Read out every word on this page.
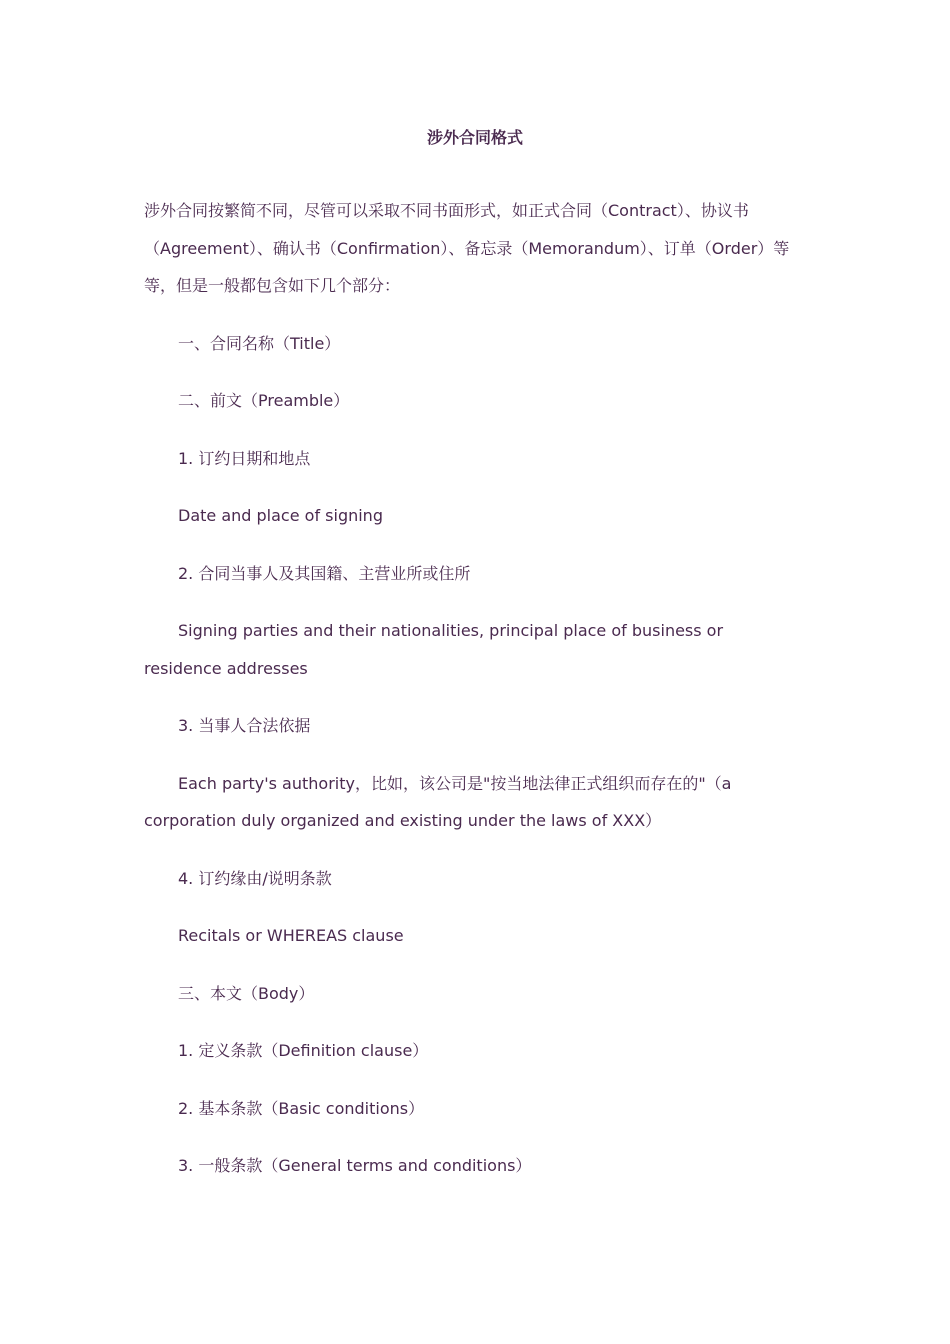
涉外合同格式

涉外合同按繁简不同，尽管可以采取不同书面形式，如正式合同（Contract）、协议书（Agreement）、确认书（Confirmation）、备忘录（Memorandum）、订单（Order）等等，但是一般都包含如下几个部分：

一、合同名称（Title）

二、前文（Preamble）

1. 订约日期和地点

Date and place of signing

2. 合同当事人及其国籍、主营业所或住所

Signing parties and their nationalities, principal place of business or residence addresses

3. 当事人合法依据

Each party's authority，比如，该公司是"按当地法律正式组织而存在的"（a corporation duly organized and existing under the laws of XXX）

4. 订约缘由/说明条款

Recitals or WHEREAS clause

三、本文（Body）

1. 定义条款（Definition clause）

2. 基本条款（Basic conditions）

3. 一般条款（General terms and conditions）
